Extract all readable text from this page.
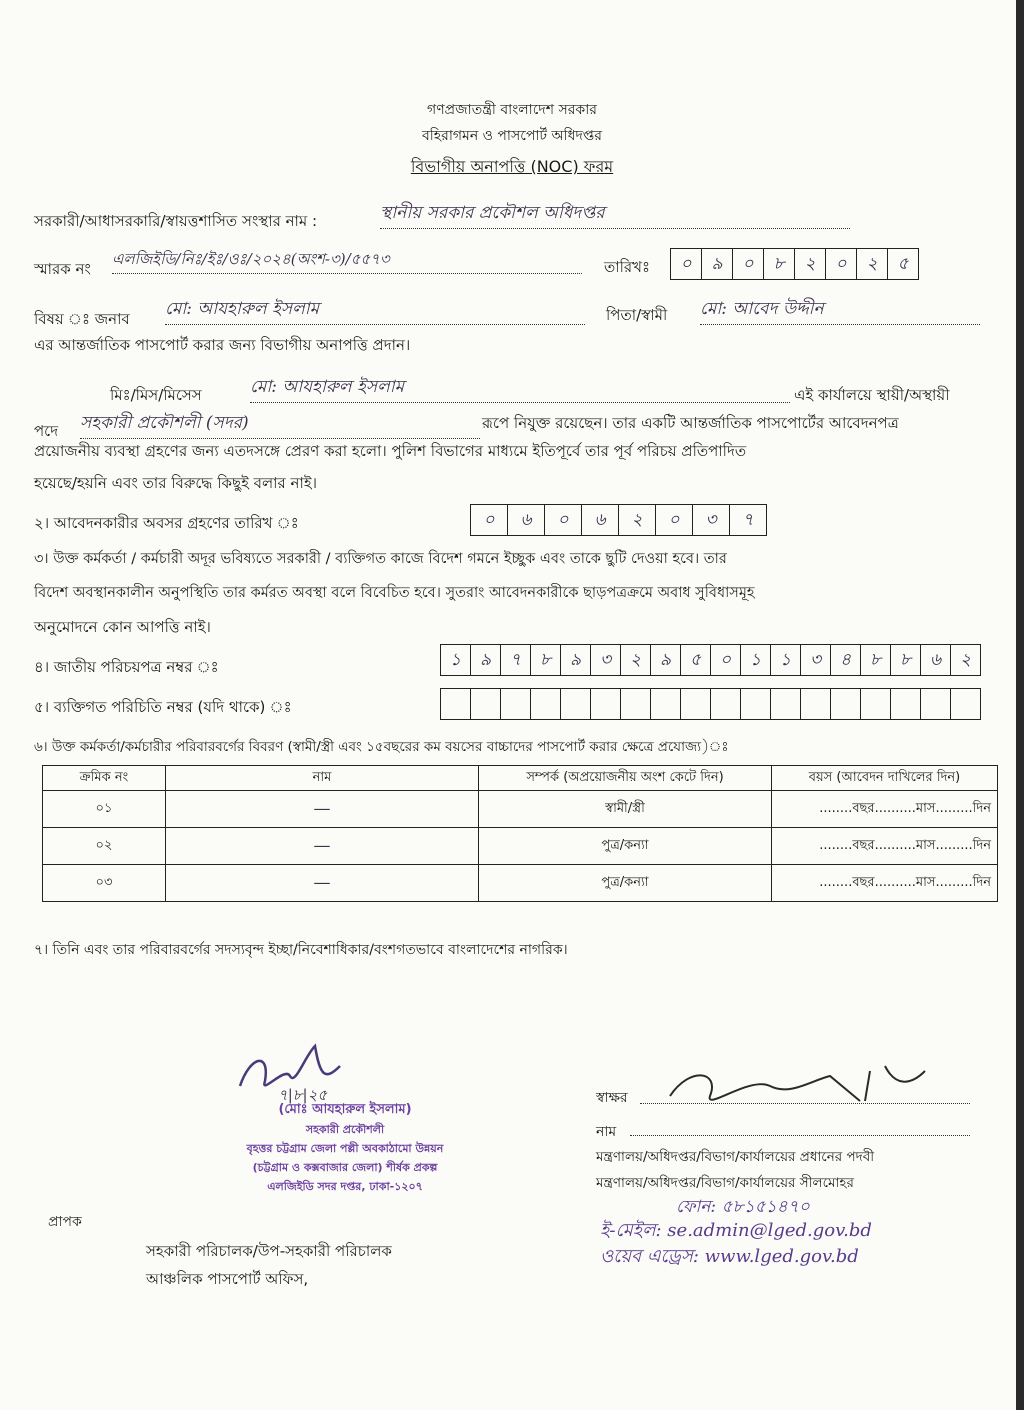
গণপ্রজাতন্ত্রী বাংলাদেশ সরকার
বহিরাগমন ও পাসপোর্ট অধিদপ্তর
বিভাগীয় অনাপত্তি (NOC) ফরম
সরকারী/আধাসরকারি/স্বায়ত্তশাসিত সংস্থার নাম :	স্থানীয় সরকার প্রকৌশল অধিদপ্তর
স্মারক নং
এলজিইডি/নিঃ/ইঃ/ওঃ/২০২৪(অংশ-৩)/৫৫৭৩	তারিখঃ	০	৯	০	৮	২	০	২	৫
বিষয় ঃ জনাব মো: আযহারুল ইসলাম	পিতা/স্বামী মো: আবেদ উদ্দীন
এর আন্তর্জাতিক পাসপোর্ট করার জন্য বিভাগীয় অনাপত্তি প্রদান।
মিঃ/মিস/মিসেস	মো: আযহারুল ইসলাম	এই কার্যালয়ে স্থায়ী/অস্থায়ী
পদে সহকারী প্রকৌশলী (সদর)	রূপে নিযুক্ত রয়েছেন। তার একটি আন্তর্জাতিক পাসপোর্টের আবেদনপত্র
প্রয়োজনীয় ব্যবস্থা গ্রহণের জন্য এতদসঙ্গে প্রেরণ করা হলো। পুলিশ বিভাগের মাধ্যমে ইতিপূর্বে তার পূর্ব পরিচয় প্রতিপাদিত
হয়েছে/হয়নি এবং তার বিরুদ্ধে কিছুই বলার নাই।
২। আবেদনকারীর অবসর গ্রহণের তারিখ ঃ	০	৬	০	৬	২	০	৩	৭
৩। উক্ত কর্মকর্তা / কর্মচারী অদূর ভবিষ্যতে সরকারী / ব্যক্তিগত কাজে বিদেশ গমনে ইচ্ছুক এবং তাকে ছুটি দেওয়া হবে। তার
বিদেশ অবস্থানকালীন অনুপস্থিতি তার কর্মরত অবস্থা বলে বিবেচিত হবে। সুতরাং আবেদনকারীকে ছাড়পত্রক্রমে অবাধ সুবিধাসমূহ
অনুমোদনে কোন আপত্তি নাই।
৪। জাতীয় পরিচয়পত্র নম্বর ঃ	১	৯	৭	৮	৯	৩	২	৯	৫	০	১	১	৩	৪	৮	৮	৬	২
৫। ব্যক্তিগত পরিচিতি নম্বর (যদি থাকে) ঃ
৬। উক্ত কর্মকর্তা/কর্মচারীর পরিবারবর্গের বিবরণ (স্বামী/স্ত্রী এবং ১৫বছরের কম বয়সের বাচ্চাদের পাসপোর্ট করার ক্ষেত্রে প্রযোজ্য)ঃ
ক্রমিক নং	নাম	সম্পর্ক (অপ্রয়োজনীয় অংশ কেটে দিন)	বয়স (আবেদন দাখিলের দিন)
০১	—	স্বামী/স্ত্রী	........বছর..........মাস.........দিন
০২	—	পুত্র/কন্যা	........বছর..........মাস.........দিন
০৩	—	পুত্র/কন্যা	........বছর..........মাস.........দিন
৭। তিনি এবং তার পরিবারবর্গের সদস্যবৃন্দ ইচ্ছা/নিবেশাধিকার/বংশগতভাবে বাংলাদেশের নাগরিক।
৭|৮|২৫
(মোঃ আযহারুল ইসলাম)
সহকারী প্রকৌশলী
বৃহত্তর চট্টগ্রাম জেলা পল্লী অবকাঠামো উন্নয়ন
(চট্টগ্রাম ও কক্সবাজার জেলা) শীর্ষক প্রকল্প
এলজিইডি সদর দপ্তর, ঢাকা-১২০৭
প্রাপক
সহকারী পরিচালক/উপ-সহকারী পরিচালক
আঞ্চলিক পাসপোর্ট অফিস,
স্বাক্ষর
নাম
মন্ত্রণালয়/অধিদপ্তর/বিভাগ/কার্যালয়ের প্রধানের পদবী
মন্ত্রণালয়/অধিদপ্তর/বিভাগ/কার্যালয়ের সীলমোহর
ফোন: ৫৮১৫১৪৭০
ই-মেইল: se.admin@lged.gov.bd
ওয়েব এড্রেস: www.lged.gov.bd
